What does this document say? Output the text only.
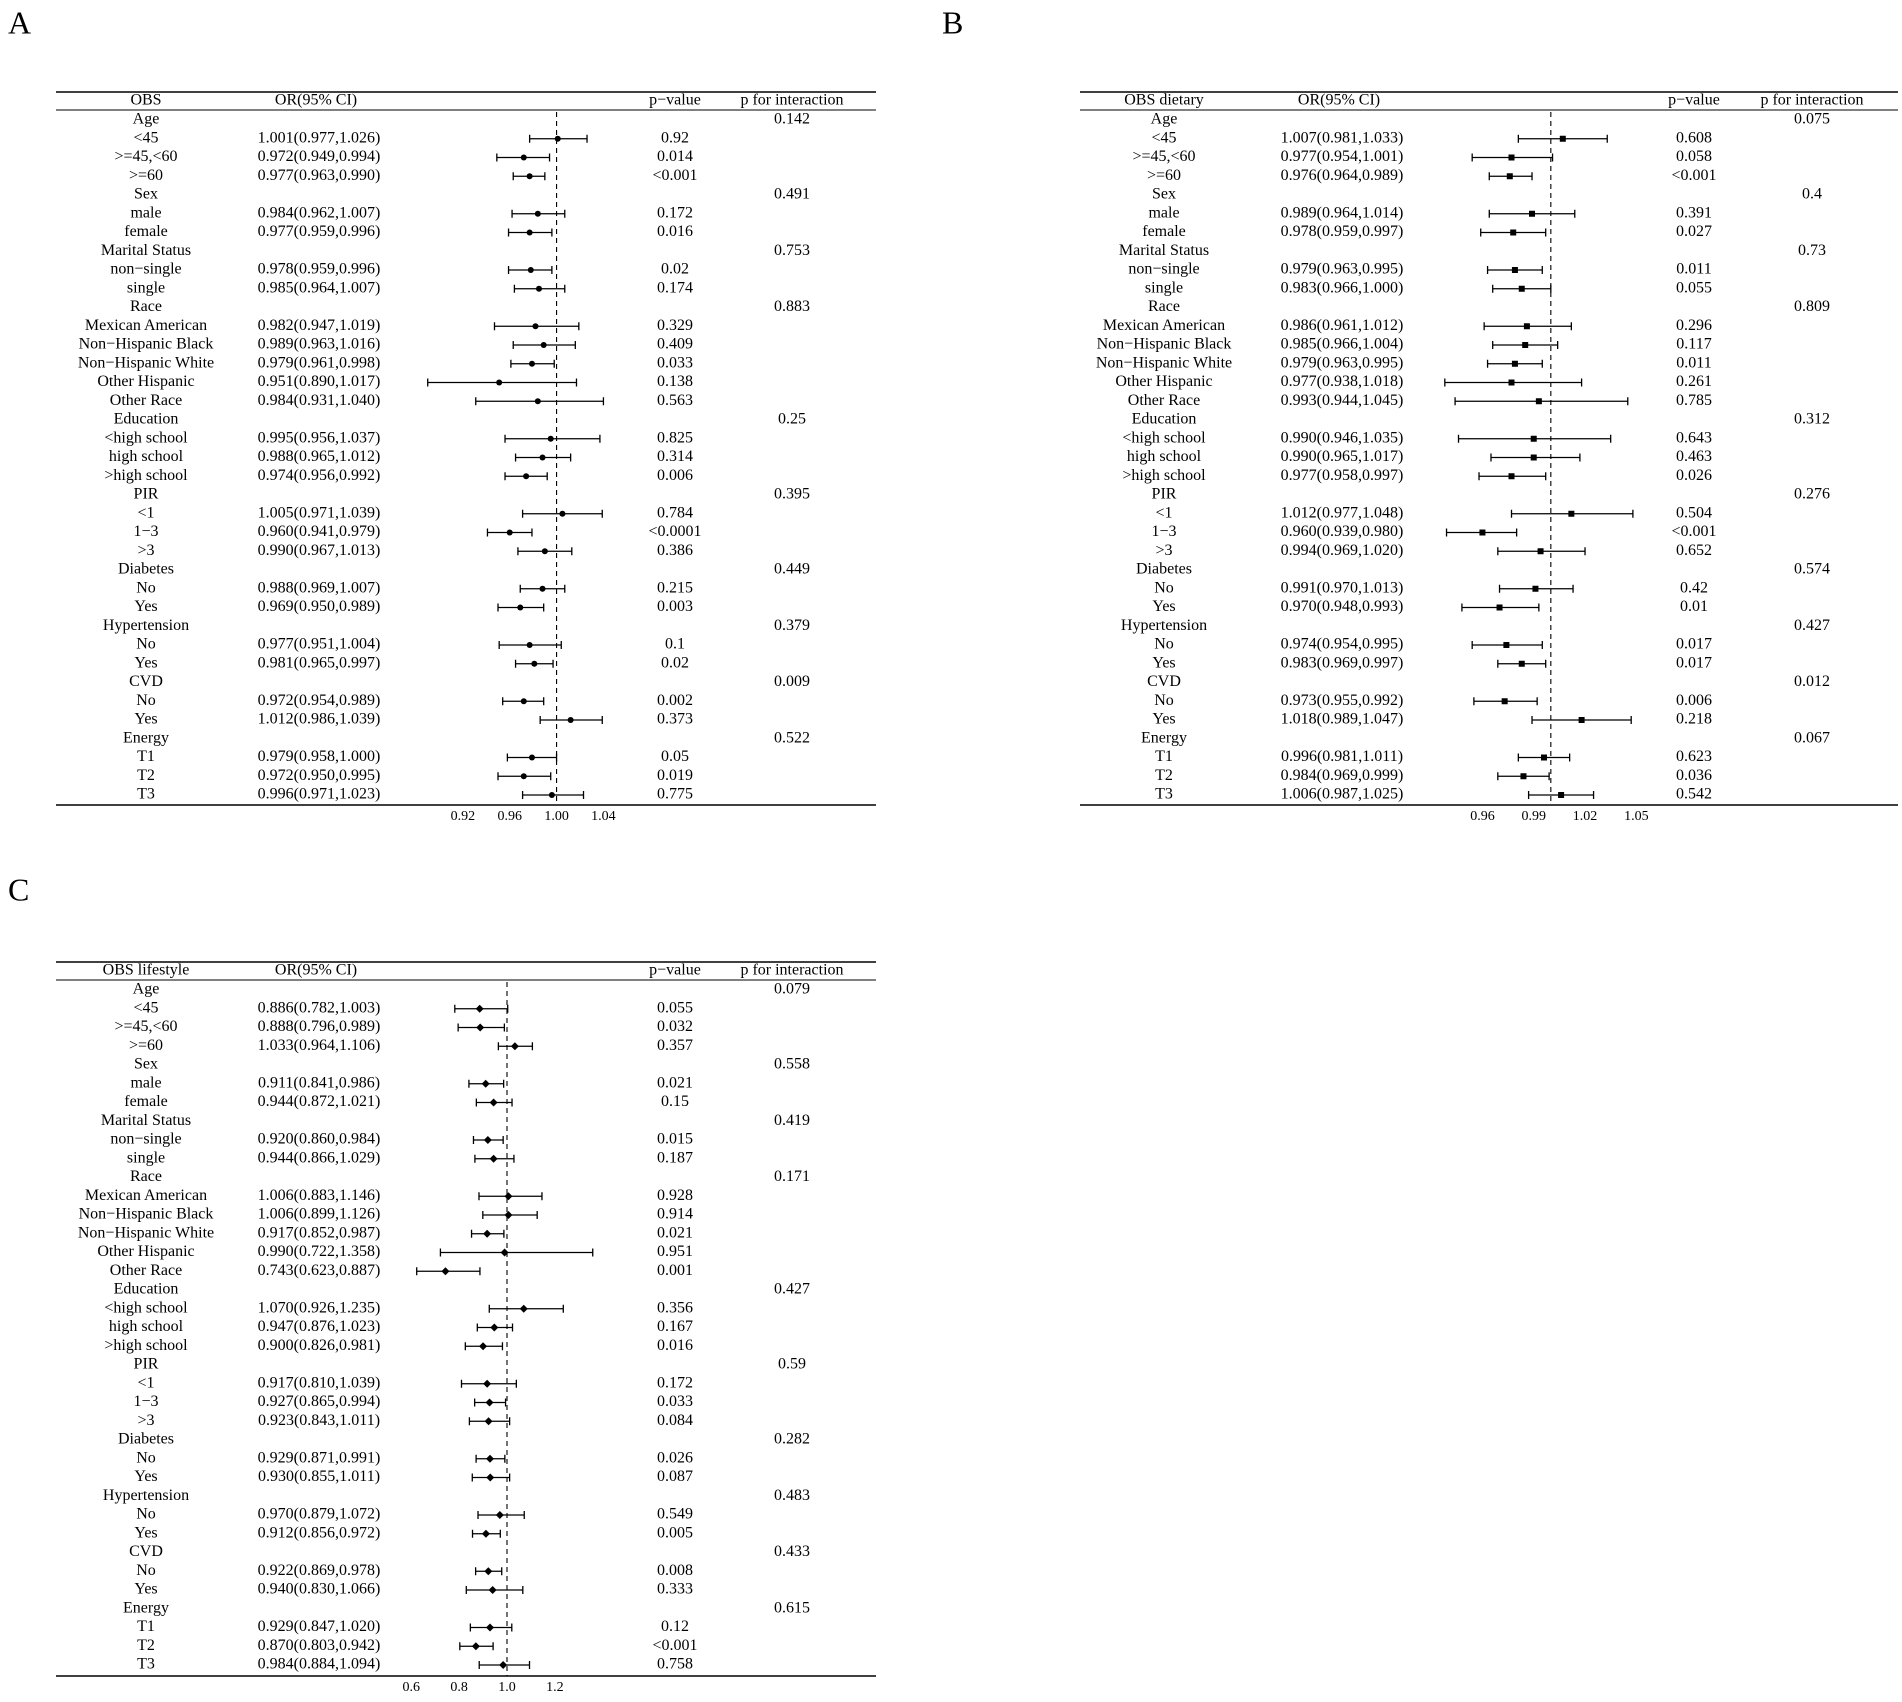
A
OBS	OR(95% CI)	p−value p for interaction
Age	0.142
<45	1.001(0.977,1.026)	0.92
>=45,<60	0.972(0.949,0.994)	0.014
>=60	0.977(0.963,0.990)	<0.001
Sex	0.491
male	0.984(0.962,1.007)	0.172
female	0.977(0.959,0.996)	0.016
Marital Status	0.753
non−single	0.978(0.959,0.996)	0.02
single	0.985(0.964,1.007)	0.174
Race	0.883
Mexican American	0.982(0.947,1.019)	0.329
Non−Hispanic Black	0.989(0.963,1.016)	0.409
Non−Hispanic White	0.979(0.961,0.998)	0.033
Other Hispanic	0.951(0.890,1.017)	0.138
Other Race	0.984(0.931,1.040)	0.563
Education	0.25
<high school	0.995(0.956,1.037)	0.825
high school	0.988(0.965,1.012)	0.314
>high school	0.974(0.956,0.992)	0.006
PIR	0.395
<1	1.005(0.971,1.039)	0.784
1−3	0.960(0.941,0.979)	<0.0001
>3	0.990(0.967,1.013)	0.386
Diabetes	0.449
No	0.988(0.969,1.007)	0.215
Yes	0.969(0.950,0.989)	0.003
Hypertension	0.379
No	0.977(0.951,1.004)	0.1
Yes	0.981(0.965,0.997)	0.02
CVD	0.009
No	0.972(0.954,0.989)	0.002
Yes	1.012(0.986,1.039)	0.373
Energy	0.522
T1	0.979(0.958,1.000)	0.05
T2	0.972(0.950,0.995)	0.019
T3	0.996(0.971,1.023)	0.775
0.92 0.96 1.00 1.04
B
OBS dietary	OR(95% CI)	p−value	p for interaction
Age	0.075
<45	1.007(0.981,1.033)	0.608
>=45,<60	0.977(0.954,1.001)	0.058
>=60	0.976(0.964,0.989)	<0.001
Sex	0.4
male	0.989(0.964,1.014)	0.391
female	0.978(0.959,0.997)	0.027
Marital Status	0.73
non−single	0.979(0.963,0.995)	0.011
single	0.983(0.966,1.000)	0.055
Race	0.809
Mexican American	0.986(0.961,1.012)	0.296
Non−Hispanic Black	0.985(0.966,1.004)	0.117
Non−Hispanic White	0.979(0.963,0.995)	0.011
Other Hispanic	0.977(0.938,1.018)	0.261
Other Race	0.993(0.944,1.045)	0.785
Education	0.312
<high school	0.990(0.946,1.035)	0.643
high school	0.990(0.965,1.017)	0.463
>high school	0.977(0.958,0.997)	0.026
PIR	0.276
<1	1.012(0.977,1.048)	0.504
1−3	0.960(0.939,0.980)	<0.001
>3	0.994(0.969,1.020)	0.652
Diabetes	0.574
No	0.991(0.970,1.013)	0.42
Yes	0.970(0.948,0.993)	0.01
Hypertension	0.427
No	0.974(0.954,0.995)	0.017
Yes	0.983(0.969,0.997)	0.017
CVD	0.012
No	0.973(0.955,0.992)	0.006
Yes	1.018(0.989,1.047)	0.218
Energy	0.067
T1	0.996(0.981,1.011)	0.623
T2	0.984(0.969,0.999)	0.036
T3	1.006(0.987,1.025)	0.542
0.96 0.99 1.02 1.05
C
OBS lifestyle	OR(95% CI)	p−value p for interaction
Age	0.079
<45	0.886(0.782,1.003)	0.055
>=45,<60	0.888(0.796,0.989)	0.032
>=60	1.033(0.964,1.106)	0.357
Sex	0.558
male	0.911(0.841,0.986)	0.021
female	0.944(0.872,1.021)	0.15
Marital Status	0.419
non−single	0.920(0.860,0.984)	0.015
single	0.944(0.866,1.029)	0.187
Race	0.171
Mexican American	1.006(0.883,1.146)	0.928
Non−Hispanic Black	1.006(0.899,1.126)	0.914
Non−Hispanic White	0.917(0.852,0.987)	0.021
Other Hispanic	0.990(0.722,1.358)	0.951
Other Race	0.743(0.623,0.887)	0.001
Education	0.427
<high school	1.070(0.926,1.235)	0.356
high school	0.947(0.876,1.023)	0.167
>high school	0.900(0.826,0.981)	0.016
PIR	0.59
<1	0.917(0.810,1.039)	0.172
1−3	0.927(0.865,0.994)	0.033
>3	0.923(0.843,1.011)	0.084
Diabetes	0.282
No	0.929(0.871,0.991)	0.026
Yes	0.930(0.855,1.011)	0.087
Hypertension	0.483
No	0.970(0.879,1.072)	0.549
Yes	0.912(0.856,0.972)	0.005
CVD	0.433
No	0.922(0.869,0.978)	0.008
Yes	0.940(0.830,1.066)	0.333
Energy	0.615
T1	0.929(0.847,1.020)	0.12
T2	0.870(0.803,0.942)	<0.001
T3	0.984(0.884,1.094)	0.758
0.6 0.8 1.0 1.2
